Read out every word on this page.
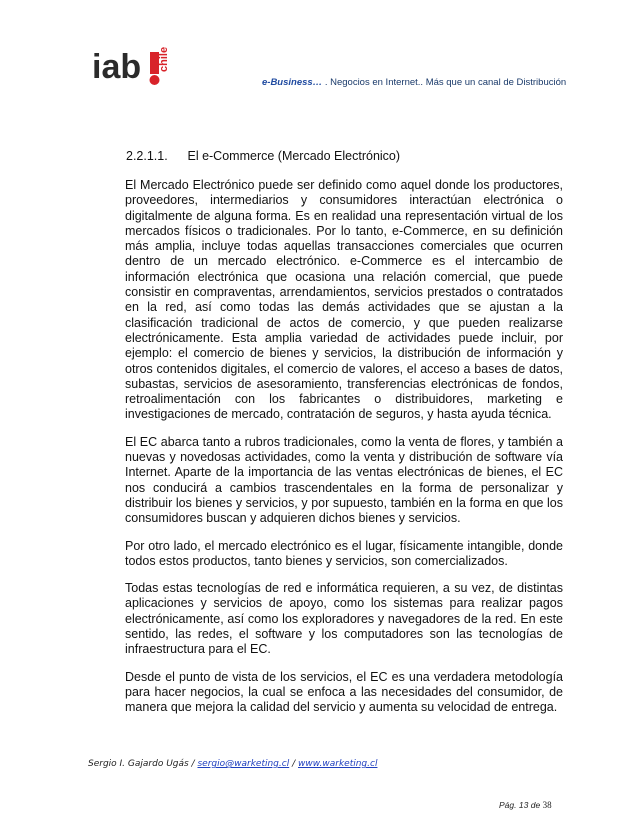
iab chile
e-Business… . Negocios en Internet.. Más que un canal de Distribución
2.2.1.1. El e-Commerce (Mercado Electrónico)

El Mercado Electrónico puede ser definido como aquel donde los productores, proveedores, intermediarios y consumidores interactúan electrónica o digitalmente de alguna forma. Es en realidad una representación virtual de los mercados físicos o tradicionales. Por lo tanto, e-Commerce, en su definición más amplia, incluye todas aquellas transacciones comerciales que ocurren dentro de un mercado electrónico. e-Commerce es el intercambio de información electrónica que ocasiona una relación comercial, que puede consistir en compraventas, arrendamientos, servicios prestados o contratados en la red, así como todas las demás actividades que se ajustan a la clasificación tradicional de actos de comercio, y que pueden realizarse electrónicamente. Esta amplia variedad de actividades puede incluir, por ejemplo: el comercio de bienes y servicios, la distribución de información y otros contenidos digitales, el comercio de valores, el acceso a bases de datos, subastas, servicios de asesoramiento, transferencias electrónicas de fondos, retroalimentación con los fabricantes o distribuidores, marketing e investigaciones de mercado, contratación de seguros, y hasta ayuda técnica.

El EC abarca tanto a rubros tradicionales, como la venta de flores, y también a nuevas y novedosas actividades, como la venta y distribución de software vía Internet. Aparte de la importancia de las ventas electrónicas de bienes, el EC nos conducirá a cambios trascendentales en la forma de personalizar y distribuir los bienes y servicios, y por supuesto, también en la forma en que los consumidores buscan y adquieren dichos bienes y servicios.

Por otro lado, el mercado electrónico es el lugar, físicamente intangible, donde todos estos productos, tanto bienes y servicios, son comercializados.

Todas estas tecnologías de red e informática requieren, a su vez, de distintas aplicaciones y servicios de apoyo, como los sistemas para realizar pagos electrónicamente, así como los exploradores y navegadores de la red. En este sentido, las redes, el software y los computadores son las tecnologías de infraestructura para el EC.

Desde el punto de vista de los servicios, el EC es una verdadera metodología para hacer negocios, la cual se enfoca a las necesidades del consumidor, de manera que mejora la calidad del servicio y aumenta su velocidad de entrega.

Sergio I. Gajardo Ugás / sergio@warketing.cl / www.warketing.cl
Pág. 13 de 38
